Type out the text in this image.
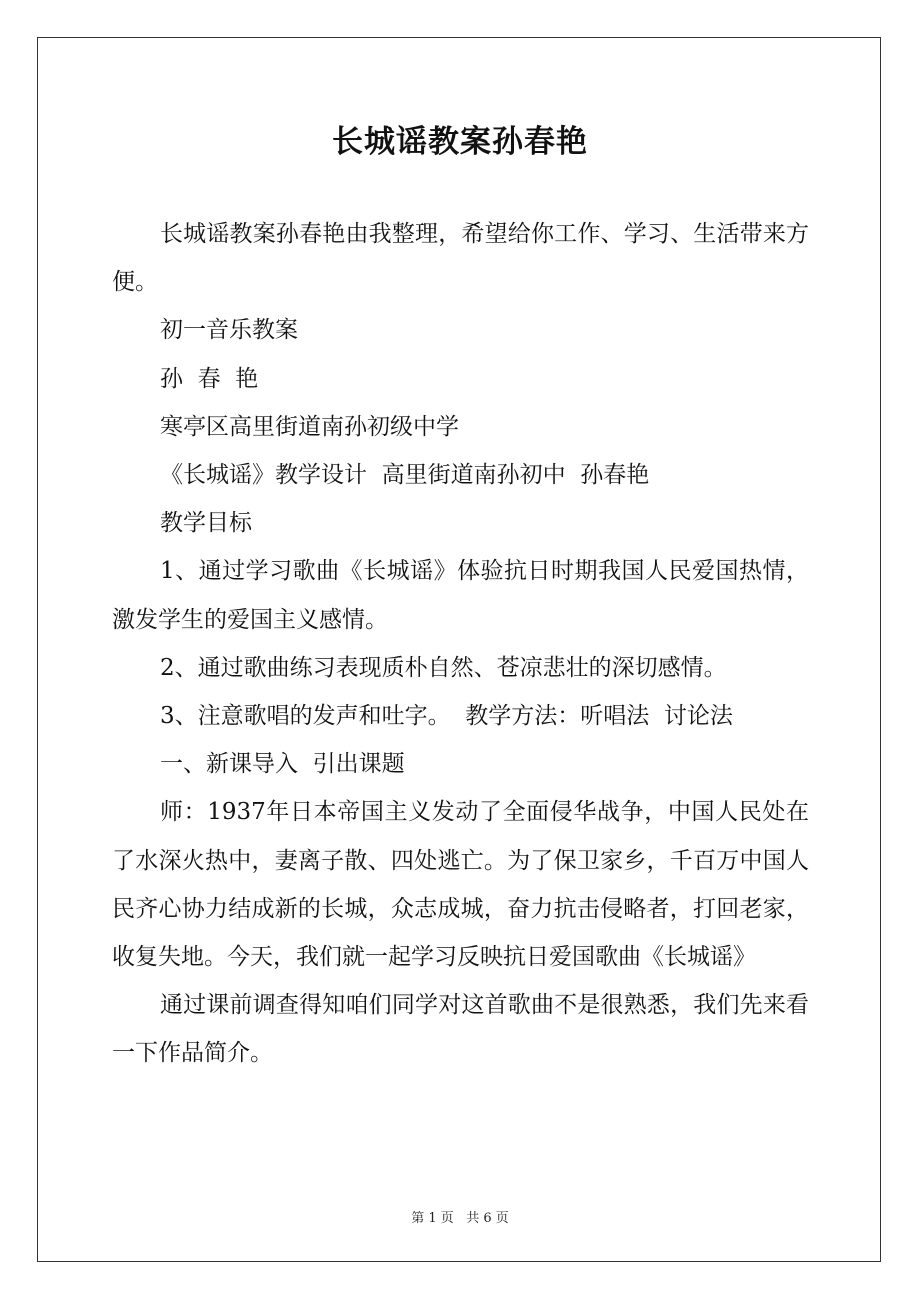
长城谣教案孙春艳

长城谣教案孙春艳由我整理，希望给你工作、学习、生活带来方便。

初一音乐教案

孙  春  艳

寒亭区高里街道南孙初级中学

《长城谣》教学设计  高里街道南孙初中  孙春艳

教学目标

1、通过学习歌曲《长城谣》体验抗日时期我国人民爱国热情，激发学生的爱国主义感情。

2、通过歌曲练习表现质朴自然、苍凉悲壮的深切感情。

3、注意歌唱的发声和吐字。  教学方法：听唱法  讨论法

一、新课导入  引出课题

师：1937年日本帝国主义发动了全面侵华战争，中国人民处在了水深火热中，妻离子散、四处逃亡。为了保卫家乡，千百万中国人民齐心协力结成新的长城，众志成城，奋力抗击侵略者，打回老家，收复失地。今天，我们就一起学习反映抗日爱国歌曲《长城谣》

通过课前调查得知咱们同学对这首歌曲不是很熟悉，我们先来看一下作品简介。

第 1 页   共 6 页
